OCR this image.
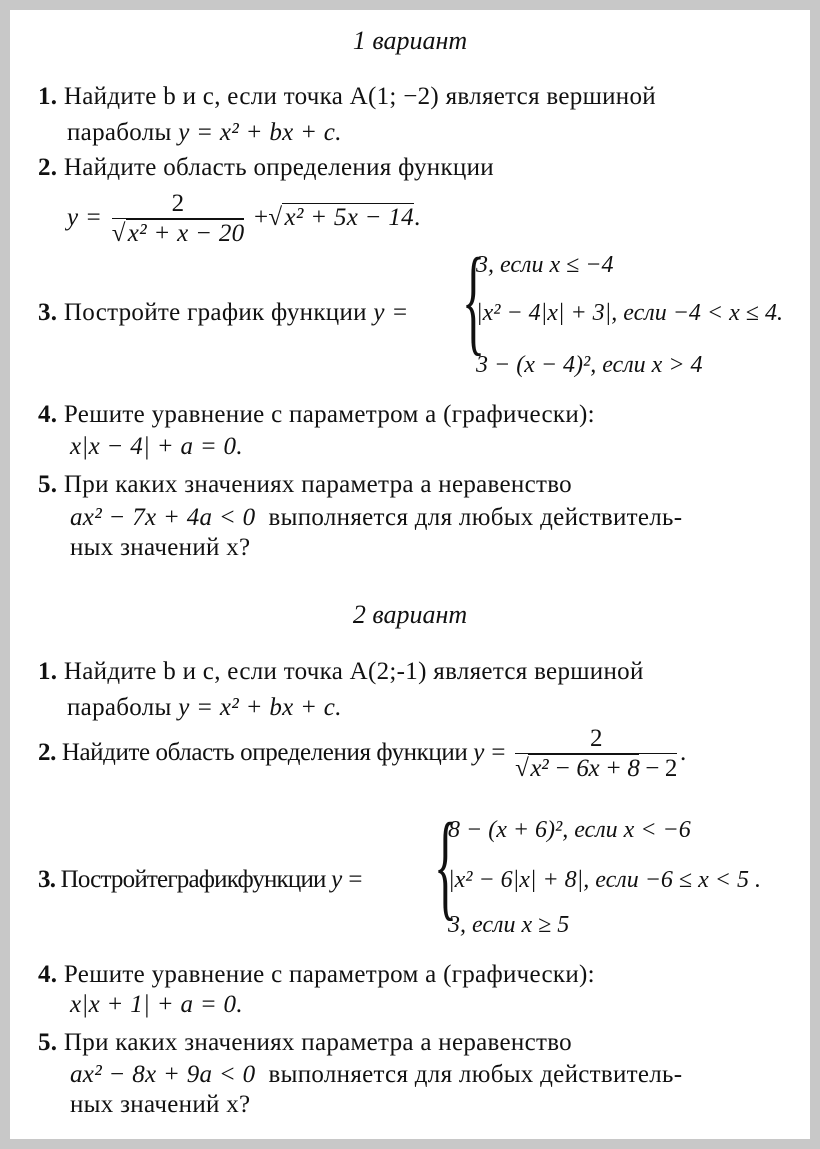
1 вариант
1. Найдите b и c, если точка A(1; −2) является вершиной
параболы y = x² + bx + c.
2. Найдите область определения функции
$y = \frac{2}{\text{√x² + x − 20}} +√x^2 + 5x - 14$.
3. Постройте график функции y = {
3, если x ≤ −4
|x² − 4|x| + 3|, если −4 < x ≤ 4.
3 − (x − 4)², если x > 4
4. Решите уравнение с параметром a (графически):
x|x − 4| + a = 0.
5. При каких значениях параметра a неравенство
ax² − 7x + 4a < 0 выполняется для любых действитель-
ных значений x?
2 вариант
1. Найдите b и c, если точка A(2;-1) является вершиной
параболы y = x² + bx + c.
2. Найдите область определения функции $y = \frac{2}{\text{√x² − 6x + 8 − 2}}$ .
3. Постройтеграфикфункции y = {
8 − (x + 6)², если x < −6
|x² − 6|x| + 8|, если −6 ≤ x < 5 .
3, если x ≥ 5
4. Решите уравнение с параметром a (графически):
x|x + 1| + a = 0.
5. При каких значениях параметра a неравенство
ax² − 8x + 9a < 0 выполняется для любых действитель-
ных значений x?
